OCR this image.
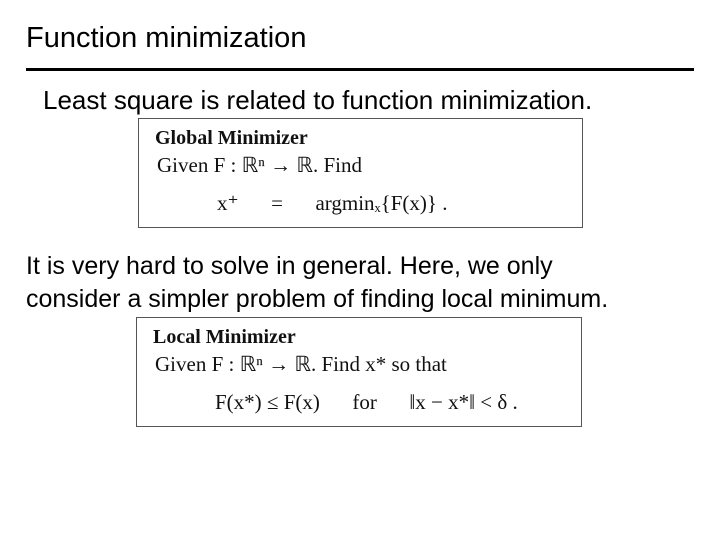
Function minimization
Least square is related to function minimization.
Global Minimizer
Given F : ℝⁿ → ℝ. Find
x⁺ = argminₓ{F(x)} .
It is very hard to solve in general. Here, we only
consider a simpler problem of finding local minimum.
Local Minimizer
Given F : ℝⁿ → ℝ. Find x* so that
F(x*) ≤ F(x) for ‖x − x*‖ < δ .
